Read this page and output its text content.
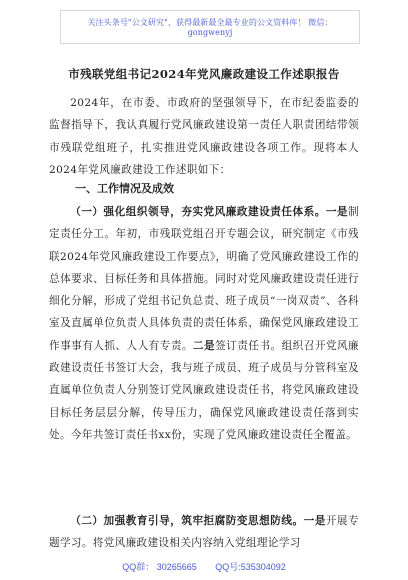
关注头条号"公文研究"，获得最新最全最专业的公文资料库！ 微信：gongwenyj
市残联党组书记2024年党风廉政建设工作述职报告
2024年，在市委、市政府的坚强领导下，在市纪委监委的监督指导下，我认真履行党风廉政建设第一责任人职责团结带领市残联党组班子，扎实推进党风廉政建设各项工作。现将本人2024年党风廉政建设工作述职如下：
一、工作情况及成效
（一）强化组织领导，夯实党风廉政建设责任体系。一是制定责任分工。年初，市残联党组召开专题会议，研究制定《市残联2024年党风廉政建设工作要点》，明确了党风廉政建设工作的总体要求、目标任务和具体措施。同时对党风廉政建设责任进行细化分解，形成了党组书记负总责、班子成员“一岗双责”、各科室及直属单位负责人具体负责的责任体系，确保党风廉政建设工作事事有人抓、人人有专责。二是签订责任书。组织召开党风廉政建设责任书签订大会，我与班子成员、班子成员与分管科室及直属单位负责人分别签订党风廉政建设责任书，将党风廉政建设目标任务层层分解，传导压力，确保党风廉政建设责任落到实处。今年共签订责任书xx份，实现了党风廉政建设责任全覆盖。
（二）加强教育引导，筑牢拒腐防变思想防线。一是开展专题学习。将党风廉政建设相关内容纳入党组理论学习
QQ群： 30265665 QQ号:535304092
